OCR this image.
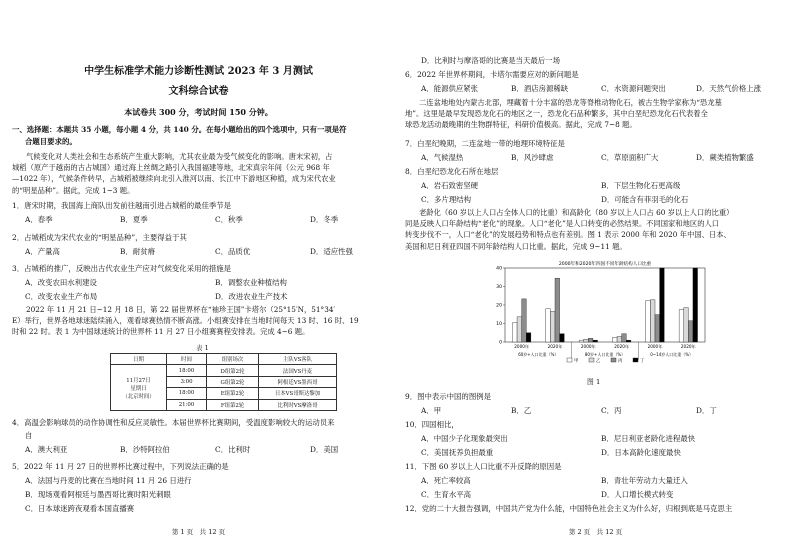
中学生标准学术能力诊断性测试 2023 年 3 月测试
文科综合试卷
本试卷共 300 分，考试时间 150 分钟。
一、选择题：本题共 35 小题，每小题 4 分，共 140 分。在每小题给出的四个选项中，只有一项是符
合题目要求的。

气候变化对人类社会和生态系统产生重大影响，尤其农业最为受气候变化的影响。唐末宋初，占

城稻（原产于越南的古占城国）通过海上丝绸之路引入我国福建等地，北宋真宗年间（公元 968 年

—1022 年），气候条件转早，占城稻被继续向北引入淮河以南、长江中下游地区种植，成为宋代农业

的“明星品种”。据此，完成 1~3 题。

1．唐宋时期，我国海上商队出发前往越南引进占城稻的最佳季节是
A．春季	B．夏季	C．秋季	D．冬季
2．占城稻成为宋代农业的“明星品种”，主要得益于其
A．产量高	B．耐贫瘠	C．品质优	D．适应性强
3．占城稻的推广，反映出古代农业生产应对气候变化采用的措施是
A．改变农田水利建设	B．调整农业种植结构
C．改变农业生产布局	D．改进农业生产技术

2022 年 11 月 21 日~12 月 18 日，第 22 届世界杯在“袖珍王国”卡塔尔（25°15′N，51°34′

E）举行，世界各地球迷陆续涌入，观看球赛热情不断高涨。小组赛安排在当地时间每天 13 时、16 时、19

时和 22 时。表 1 为中国球迷统计的世界杯 11 月 27 日小组赛赛程安排表。完成 4~6 题。

表 1
日期	时间	组别场次	主队VS客队

11月27日
星期日
（北京时间）	18:00	D组第2轮	法国VS丹麦
	3:00	G组第2轮	阿根廷VS墨西哥
	18:00	E组第2轮	日本VS哥斯达黎加
	21:00	F组第2轮	比利时VS摩洛哥
4．高温会影响球员的动作协调性和反应灵敏性。本届世界杯比赛期间，受温度影响较大的运动员来
自
A．澳大利亚	B．沙特阿拉伯	C．比利时	D．美国
5．2022 年 11 月 27 日的世界杯比赛过程中，下列说法正确的是
A．法国与丹麦的比赛在当地时间 11 月 26 日进行
B．现场观看阿根廷与墨西哥比赛时阳光刺眼
C．日本球迷跨夜观看本国直播赛
第 1 页　共 12 页
D．比利时与摩洛哥的比赛是当天最后一场
6．2022 年世界杯期间，卡塔尔需要应对的新问题是
A．能源供应紧张	B．酒店房源稀缺	C．水资源问题突出	D．天然气价格上涨

二连盆地地处内蒙古北部，埋藏着十分丰富的恐龙等脊椎动物化石，被古生物学家称为“恐龙墓

地”。这里是最早发现恐龙化石的地区之一，恐龙化石品种繁多，其中白垩纪恐龙化石代表着全

球恐龙活动最晚期的生物群特征，科研价值极高。据此，完成 7~8 题。

7．白垩纪晚期，二连盆地一带的地理环境特征是
A．气候湿热	B．风沙肆虐	C．草原面积广大	D．蕨类植物繁盛
8．白垩纪恐龙化石所在地层
A．岩石致密坚硬	B．下层生物化石更高级
C．多片理结构	D．可能含有菲羽毛的化石

老龄化（60 岁以上人口占全体人口的比重）和高龄化（80 岁以上人口占 60 岁以上人口的比重）

同是反映人口年龄结构“老化”的现象。人口“老化”是人口转变的必然结果。不同国家和地区的人口

转变步伐不一，人口“老化”的发展趋势和特点也有差别。图 1 表示 2000 年和 2020 年中国、日本、

美国和尼日利亚四国不同年龄结构人口比重。据此，完成 9~11 题。

2000年和2020年四国不同年龄结构人口比重
0
10
20
30
40
2000年	2020年	2000年	2020年	2000年	2020年
60岁+人口比重（%）	80岁+人口比重（%）	0~14岁人口比重（%）
甲	乙	丙	丁
图 1
9．图中表示中国的图例是
A．甲	B．乙	C．丙	D．丁
10．四国相比，
A．中国少子化现象最突出	B．尼日利亚老龄化进程最快
C．美国抚养负担最重	D．日本高龄化速度最快
11．下图 60 岁以上人口比重不升反降的原因是
A．死亡率较高	B．青壮年劳动力大量迁入
C．生育水平高	D．人口增长模式转变
12．党的二十大报告强调，中国共产党为什么能，中国特色社会主义为什么好，归根到底是马克思主
第 2 页　共 12 页
